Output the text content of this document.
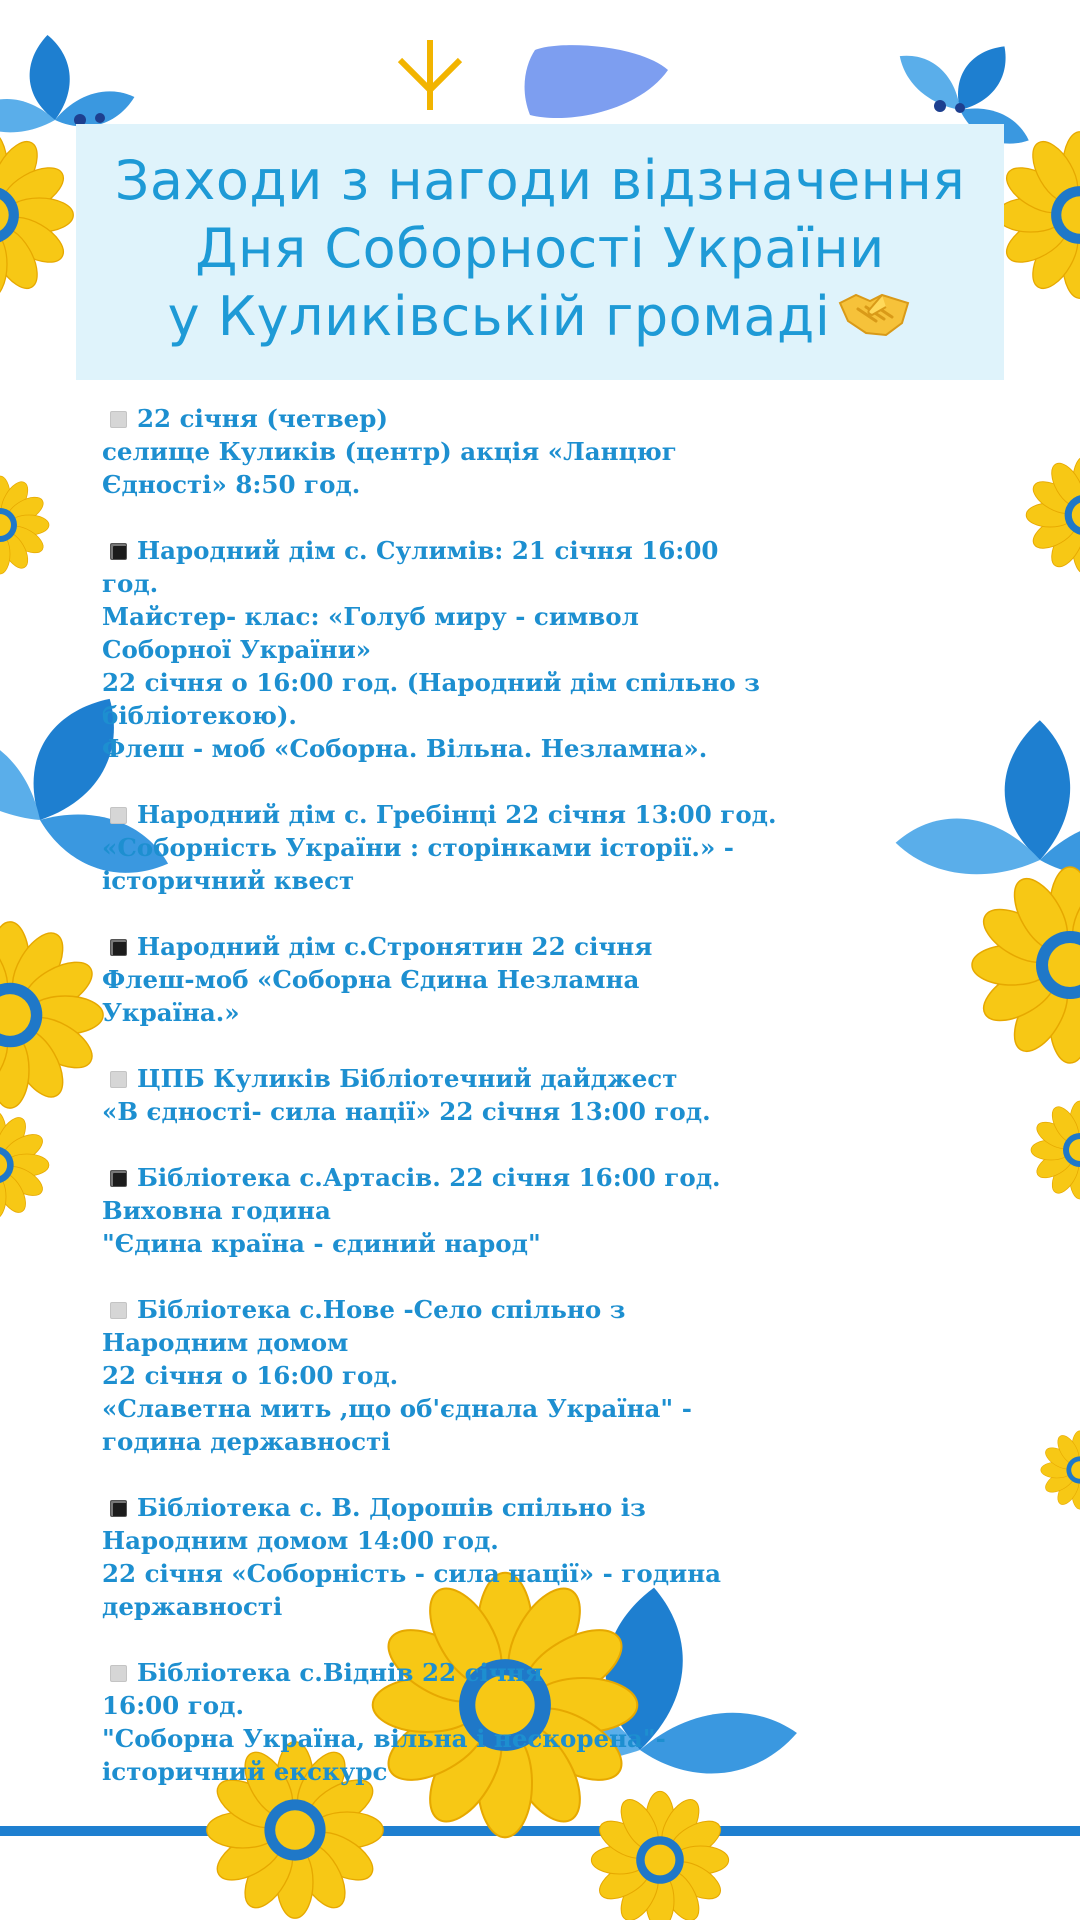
Заходи з нагоди відзначення
Дня Соборності України
у Куликівській громаді
22 січня (четвер)
селище Куликів (центр) акція «Ланцюг
Єдності» 8:50 год.
Народний дім с. Сулимів: 21 січня 16:00
год.
Майстер- клас: «Голуб миру - символ
Соборної України»
22 січня о 16:00 год. (Народний дім спільно з
бібліотекою).
Флеш - моб «Соборна. Вільна. Незламна».
Народний дім с. Гребінці 22 січня 13:00 год.
«Соборність України : сторінками історії.» -
історичний квест
Народний дім с.Стронятин 22 січня
Флеш-моб «Соборна Єдина Незламна
Україна.»
ЦПБ Куликів Бібліотечний дайджест
«В єдності- сила нації» 22 січня 13:00 год.
Бібліотека с.Артасів. 22 січня 16:00 год.
Виховна година
"Єдина країна - єдиний народ"
Бібліотека с.Нове -Село спільно з
Народним домом
22 січня о 16:00 год.
«Славетна мить ,що об'єднала Україна" -
година державності
Бібліотека с. В. Дорошів спільно із
Народним домом 14:00 год.
22 січня «Соборність - сила нації» - година
державності
Бібліотека с.Віднів 22 січня
16:00 год.
"Соборна Україна, вільна і нескорена"-
історичний екскурс
